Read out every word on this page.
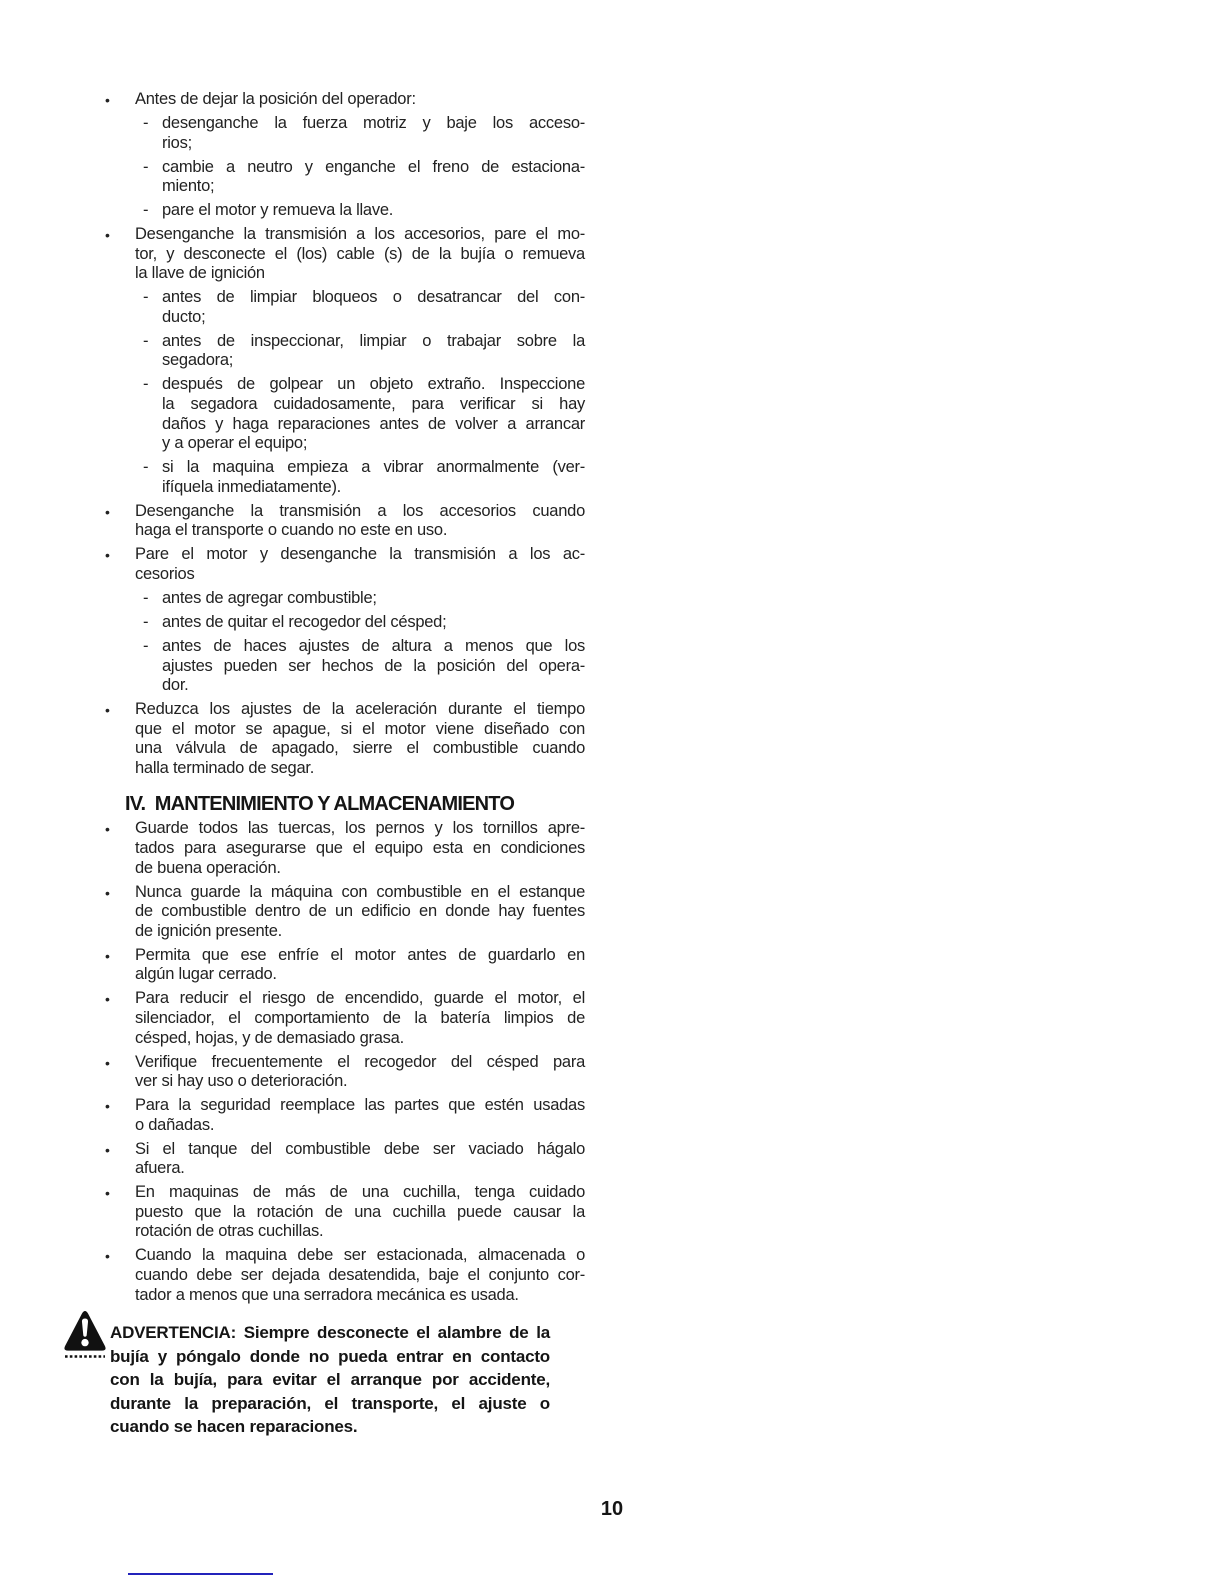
• Antes de dejar la posición del operador:
- desenganche la fuerza motriz y baje los acceso-
rios;
- cambie a neutro y enganche el freno de estaciona-
miento;
- pare el motor y remueva la llave.
• Desenganche la transmisión a los accesorios, pare el mo-
tor, y desconecte el (los) cable (s) de la bujía o remueva
la llave de ignición
- antes de limpiar bloqueos o desatrancar del con-
ducto;
- antes de inspeccionar, limpiar o trabajar sobre la
segadora;
- después de golpear un objeto extraño. Inspeccione
la segadora cuidadosamente, para verificar si hay
daños y haga reparaciones antes de volver a arrancar
y a operar el equipo;
- si la maquina empieza a vibrar anormalmente (ver-
ifíquela inmediatamente).
• Desenganche la transmisión a los accesorios cuando
haga el transporte o cuando no este en uso.
• Pare el motor y desenganche la transmisión a los ac-
cesorios
- antes de agregar combustible;
- antes de quitar el recogedor del césped;
- antes de haces ajustes de altura a menos que los
ajustes pueden ser hechos de la posición del opera-
dor.
• Reduzca los ajustes de la aceleración durante el tiempo
que el motor se apague, si el motor viene diseñado con
una válvula de apagado, sierre el combustible cuando
halla terminado de segar.
IV.  MANTENIMIENTO Y ALMACENAMIENTO
• Guarde todos las tuercas, los pernos y los tornillos apre-
tados para asegurarse que el equipo esta en condiciones
de buena operación.
• Nunca guarde la máquina con combustible en el estanque
de combustible dentro de un edificio en donde hay fuentes
de ignición presente.
• Permita que ese enfríe el motor antes de guardarlo en
algún lugar cerrado.
• Para reducir el riesgo de encendido, guarde el motor, el
silenciador, el comportamiento de la batería limpios de
césped, hojas, y de demasiado grasa.
• Verifique frecuentemente el recogedor del césped para
ver si hay uso o deterioración.
• Para la seguridad reemplace las partes que estén usadas
o dañadas.
• Si el tanque del combustible debe ser vaciado hágalo
afuera.
• En maquinas de más de una cuchilla, tenga cuidado
puesto que la rotación de una cuchilla puede causar la
rotación de otras cuchillas.
• Cuando la maquina debe ser estacionada, almacenada o
cuando debe ser dejada desatendida, baje el conjunto cor-
tador a menos que una serradora mecánica es usada.
ADVERTENCIA: Siempre desconecte el alambre de la
bujía y póngalo donde no pueda entrar en contacto
con la bujía, para evitar el arranque por accidente,
durante la preparación, el transporte, el ajuste o
cuando se hacen reparaciones.
10
